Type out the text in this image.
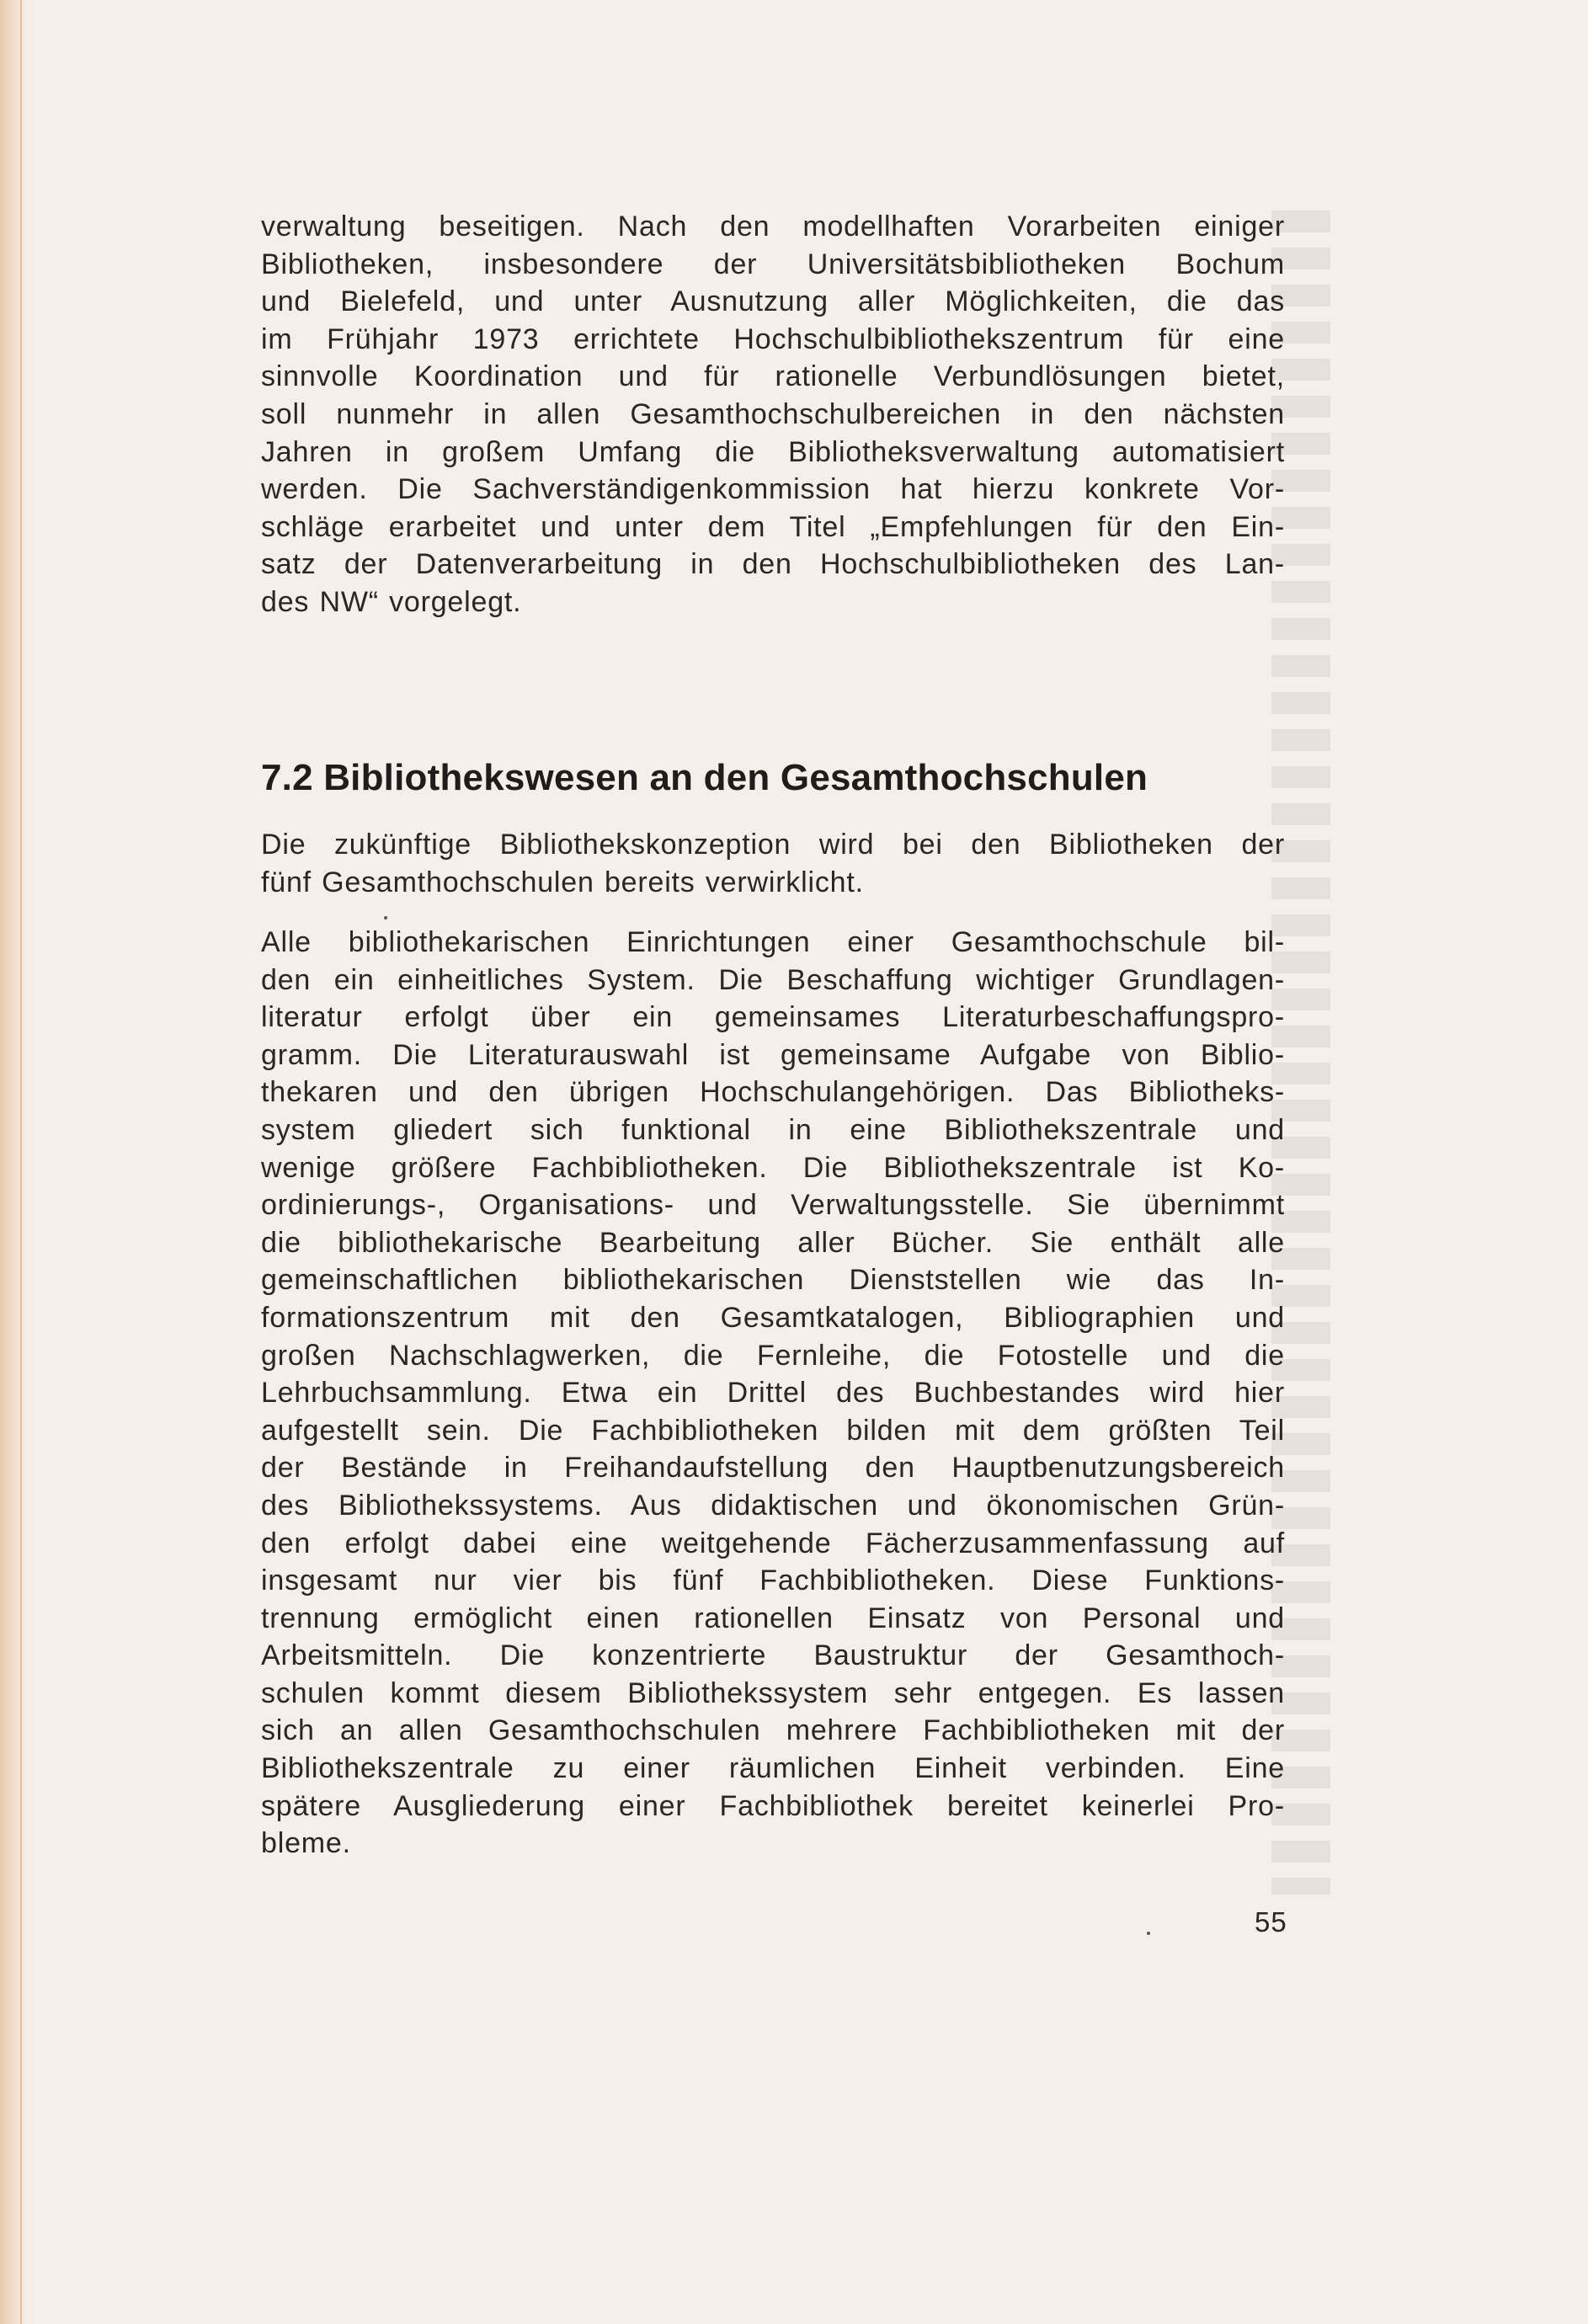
verwaltung beseitigen. Nach den modellhaften Vorarbeiten einiger
Bibliotheken, insbesondere der Universitätsbibliotheken Bochum
und Bielefeld, und unter Ausnutzung aller Möglichkeiten, die das
im Frühjahr 1973 errichtete Hochschulbibliothekszentrum für eine
sinnvolle Koordination und für rationelle Verbundlösungen bietet,
soll nunmehr in allen Gesamthochschulbereichen in den nächsten
Jahren in großem Umfang die Bibliotheksverwaltung automatisiert
werden. Die Sachverständigenkommission hat hierzu konkrete Vor-
schläge erarbeitet und unter dem Titel „Empfehlungen für den Ein-
satz der Datenverarbeitung in den Hochschulbibliotheken des Lan-
des NW“ vorgelegt.
7.2 Bibliothekswesen an den Gesamthochschulen
Die zukünftige Bibliothekskonzeption wird bei den Bibliotheken der
fünf Gesamthochschulen bereits verwirklicht.
Alle bibliothekarischen Einrichtungen einer Gesamthochschule bil-
den ein einheitliches System. Die Beschaffung wichtiger Grundlagen-
literatur erfolgt über ein gemeinsames Literaturbeschaffungspro-
gramm. Die Literaturauswahl ist gemeinsame Aufgabe von Biblio-
thekaren und den übrigen Hochschulangehörigen. Das Bibliotheks-
system gliedert sich funktional in eine Bibliothekszentrale und
wenige größere Fachbibliotheken. Die Bibliothekszentrale ist Ko-
ordinierungs-, Organisations- und Verwaltungsstelle. Sie übernimmt
die bibliothekarische Bearbeitung aller Bücher. Sie enthält alle
gemeinschaftlichen bibliothekarischen Dienststellen wie das In-
formationszentrum mit den Gesamtkatalogen, Bibliographien und
großen Nachschlagwerken, die Fernleihe, die Fotostelle und die
Lehrbuchsammlung. Etwa ein Drittel des Buchbestandes wird hier
aufgestellt sein. Die Fachbibliotheken bilden mit dem größten Teil
der Bestände in Freihandaufstellung den Hauptbenutzungsbereich
des Bibliothekssystems. Aus didaktischen und ökonomischen Grün-
den erfolgt dabei eine weitgehende Fächerzusammenfassung auf
insgesamt nur vier bis fünf Fachbibliotheken. Diese Funktions-
trennung ermöglicht einen rationellen Einsatz von Personal und
Arbeitsmitteln. Die konzentrierte Baustruktur der Gesamthoch-
schulen kommt diesem Bibliothekssystem sehr entgegen. Es lassen
sich an allen Gesamthochschulen mehrere Fachbibliotheken mit der
Bibliothekszentrale zu einer räumlichen Einheit verbinden. Eine
spätere Ausgliederung einer Fachbibliothek bereitet keinerlei Pro-
bleme.
55
